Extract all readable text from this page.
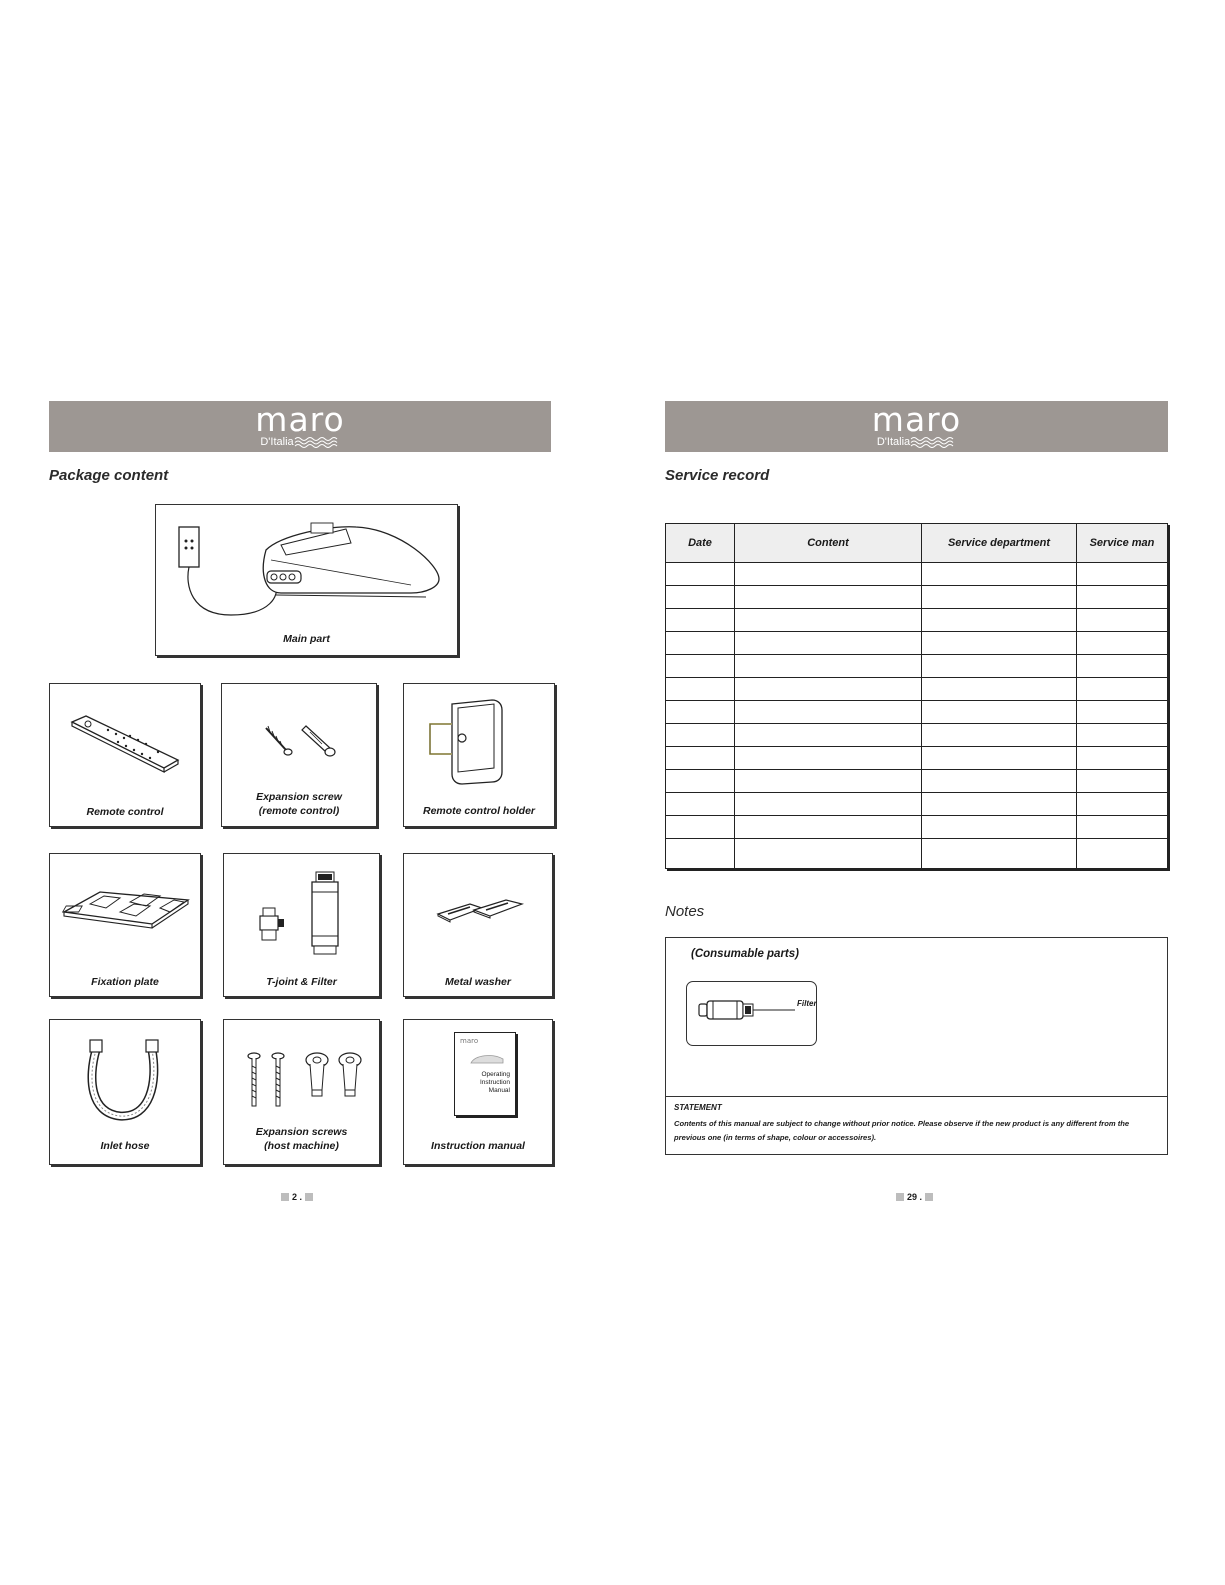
maro
D'Italia
maro
D'Italia
Package content
Main part
Remote control
Expansion screw
(remote control)	Remote control holder
Fixation plate	T-joint & Filter	Metal washer
Inlet hose
Expansion screws
(host machine)
maro
Operating
Instruction
Manual
Instruction manual
2 .
Service record
Date	Content	Service department	Service man

Notes
(Consumable parts)
Filter
STATEMENT
Contents of this manual are subject to change without prior notice. Please observe if the new product is any different from the previous one (in terms of shape, colour or accessoires).
29 .
